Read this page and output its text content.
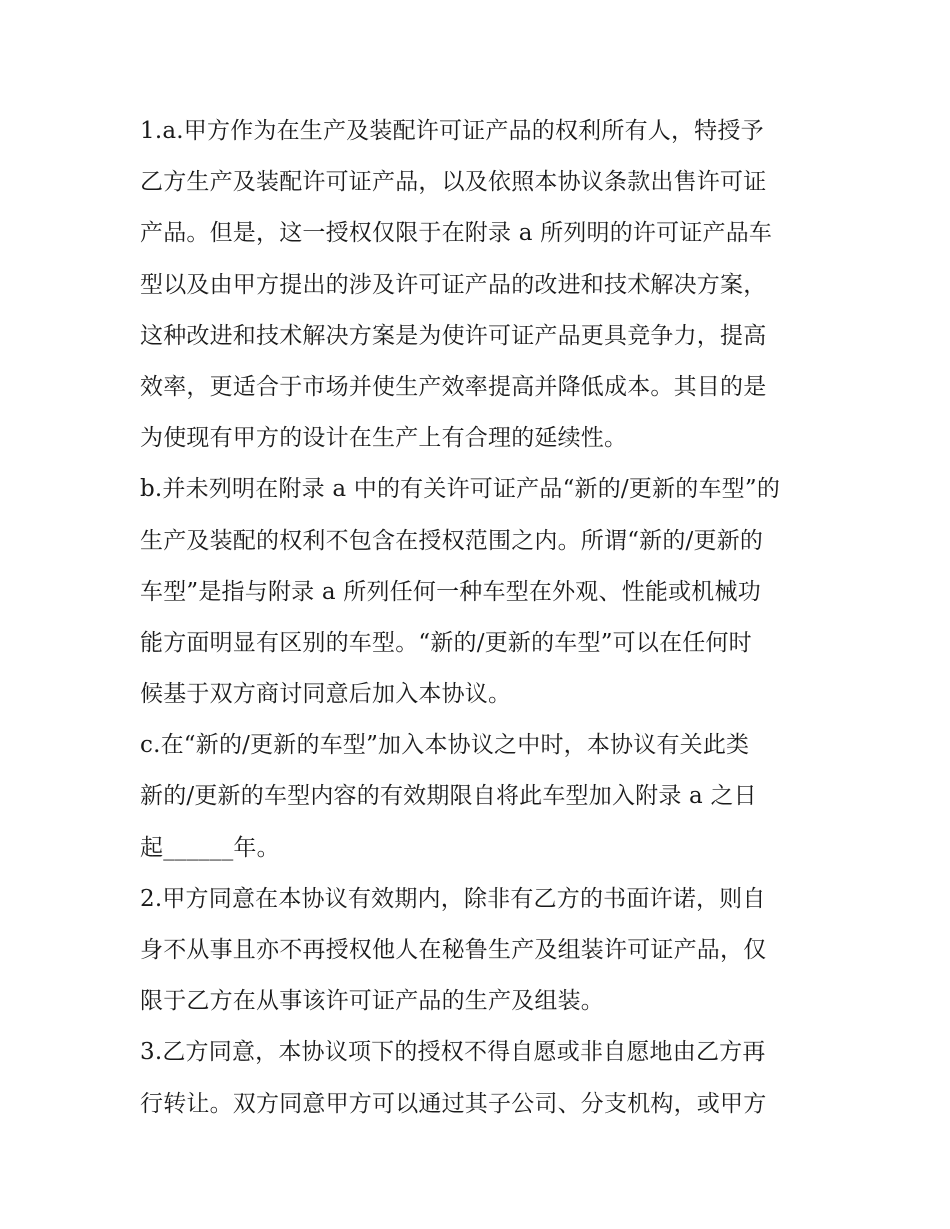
1.a.甲方作为在生产及装配许可证产品的权利所有人，特授予
乙方生产及装配许可证产品，以及依照本协议条款出售许可证
产品。但是，这一授权仅限于在附录 a 所列明的许可证产品车
型以及由甲方提出的涉及许可证产品的改进和技术解决方案，
这种改进和技术解决方案是为使许可证产品更具竞争力，提高
效率，更适合于市场并使生产效率提高并降低成本。其目的是
为使现有甲方的设计在生产上有合理的延续性。
b.并未列明在附录 a 中的有关许可证产品“新的/更新的车型”的
生产及装配的权利不包含在授权范围之内。所谓“新的/更新的
车型”是指与附录 a 所列任何一种车型在外观、性能或机械功
能方面明显有区别的车型。“新的/更新的车型”可以在任何时
候基于双方商讨同意后加入本协议。
c.在“新的/更新的车型”加入本协议之中时，本协议有关此类
新的/更新的车型内容的有效期限自将此车型加入附录 a 之日
起______年。
2.甲方同意在本协议有效期内，除非有乙方的书面许诺，则自
身不从事且亦不再授权他人在秘鲁生产及组装许可证产品，仅
限于乙方在从事该许可证产品的生产及组装。
3.乙方同意，本协议项下的授权不得自愿或非自愿地由乙方再
行转让。双方同意甲方可以通过其子公司、分支机构，或甲方
